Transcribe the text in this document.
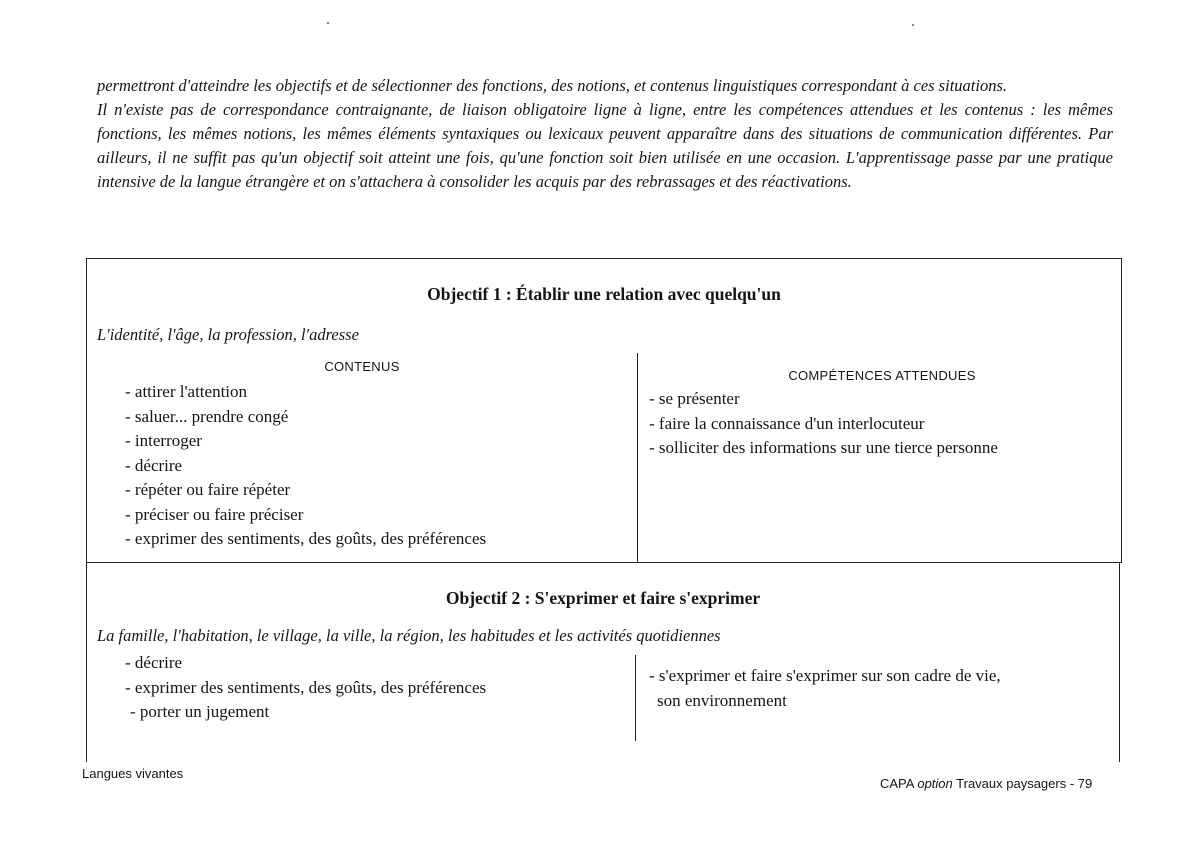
permettront d'atteindre les objectifs et de sélectionner des fonctions, des notions, et contenus linguistiques correspondant à ces situations.

Il n'existe pas de correspondance contraignante, de liaison obligatoire ligne à ligne, entre les compétences attendues et les contenus : les mêmes fonctions, les mêmes notions, les mêmes éléments syntaxiques ou lexicaux peuvent apparaître dans des situations de communication différentes. Par ailleurs, il ne suffit pas qu'un objectif soit atteint une fois, qu'une fonction soit bien utilisée en une occasion. L'apprentissage passe par une pratique intensive de la langue étrangère et on s'attachera à consolider les acquis par des rebrassages et des réactivations.

Objectif 1 : Établir une relation avec quelqu'un
L'identité, l'âge, la profession, l'adresse
CONTENUS
COMPÉTENCES ATTENDUES
- attirer l'attention
- saluer... prendre congé
- interroger
- décrire
- répéter ou faire répéter
- préciser ou faire préciser
- exprimer des sentiments, des goûts, des préférences
- se présenter
- faire la connaissance d'un interlocuteur
- solliciter des informations sur une tierce personne
Objectif 2 : S'exprimer et faire s'exprimer
La famille, l'habitation, le village, la ville, la région, les habitudes et les activités quotidiennes
- décrire
- exprimer des sentiments, des goûts, des préférences
- porter un jugement
- s'exprimer et faire s'exprimer sur son cadre de vie,
son environnement
Langues vivantes
CAPA option Travaux paysagers - 79
